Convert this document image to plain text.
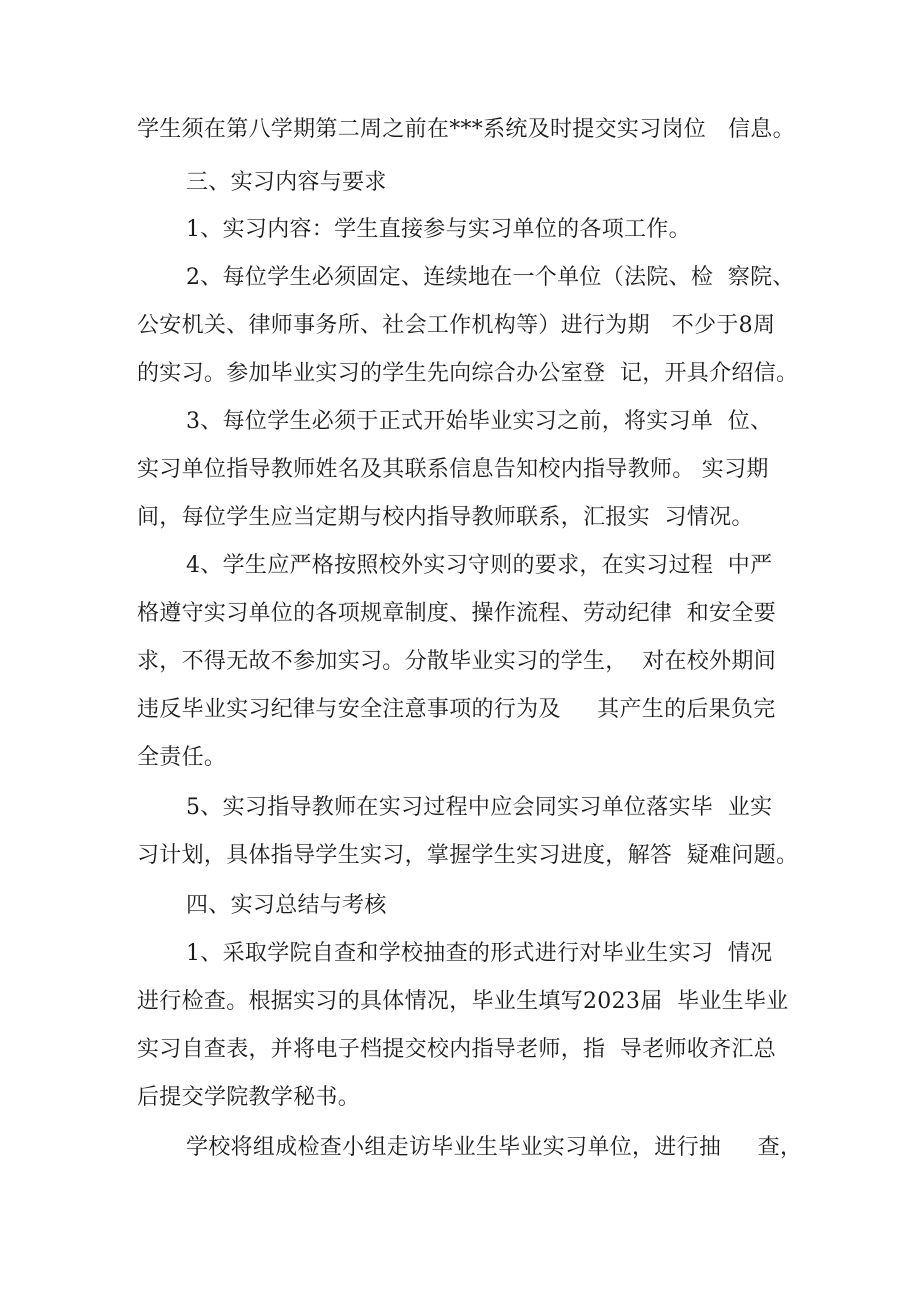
学生须在第八学期第二周之前在***系统及时提交实习岗位   信息。
三、实习内容与要求
1、实习内容：学生直接参与实习单位的各项工作。
2、每位学生必须固定、连续地在一个单位（法院、检  察院、
公安机关、律师事务所、社会工作机构等）进行为期   不少于8周
的实习。参加毕业实习的学生先向综合办公室登  记，开具介绍信。
3、每位学生必须于正式开始毕业实习之前，将实习单  位、
实习单位指导教师姓名及其联系信息告知校内指导教师。 实习期
间，每位学生应当定期与校内指导教师联系，汇报实  习情况。
4、学生应严格按照校外实习守则的要求，在实习过程  中严
格遵守实习单位的各项规章制度、操作流程、劳动纪律  和安全要
求，不得无故不参加实习。分散毕业实习的学生，  对在校外期间
违反毕业实习纪律与安全注意事项的行为及     其产生的后果负完
全责任。
5、实习指导教师在实习过程中应会同实习单位落实毕  业实
习计划，具体指导学生实习，掌握学生实习进度，解答  疑难问题。
四、实习总结与考核
1、采取学院自查和学校抽查的形式进行对毕业生实习  情况
进行检查。根据实习的具体情况，毕业生填写2023届  毕业生毕业
实习自查表，并将电子档提交校内指导老师，指  导老师收齐汇总
后提交学院教学秘书。
学校将组成检查小组走访毕业生毕业实习单位，进行抽     查，
